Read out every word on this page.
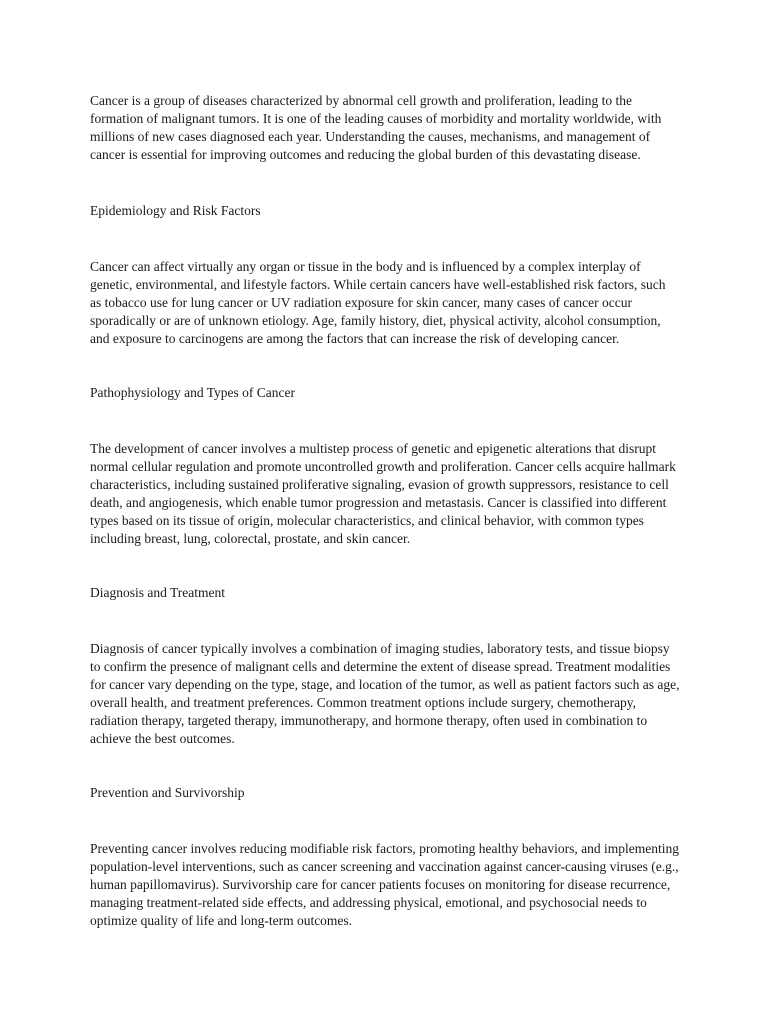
Cancer is a group of diseases characterized by abnormal cell growth and proliferation, leading to the formation of malignant tumors. It is one of the leading causes of morbidity and mortality worldwide, with millions of new cases diagnosed each year. Understanding the causes, mechanisms, and management of cancer is essential for improving outcomes and reducing the global burden of this devastating disease.

Epidemiology and Risk Factors

Cancer can affect virtually any organ or tissue in the body and is influenced by a complex interplay of genetic, environmental, and lifestyle factors. While certain cancers have well-established risk factors, such as tobacco use for lung cancer or UV radiation exposure for skin cancer, many cases of cancer occur sporadically or are of unknown etiology. Age, family history, diet, physical activity, alcohol consumption, and exposure to carcinogens are among the factors that can increase the risk of developing cancer.

Pathophysiology and Types of Cancer

The development of cancer involves a multistep process of genetic and epigenetic alterations that disrupt normal cellular regulation and promote uncontrolled growth and proliferation. Cancer cells acquire hallmark characteristics, including sustained proliferative signaling, evasion of growth suppressors, resistance to cell death, and angiogenesis, which enable tumor progression and metastasis. Cancer is classified into different types based on its tissue of origin, molecular characteristics, and clinical behavior, with common types including breast, lung, colorectal, prostate, and skin cancer.

Diagnosis and Treatment

Diagnosis of cancer typically involves a combination of imaging studies, laboratory tests, and tissue biopsy to confirm the presence of malignant cells and determine the extent of disease spread. Treatment modalities for cancer vary depending on the type, stage, and location of the tumor, as well as patient factors such as age, overall health, and treatment preferences. Common treatment options include surgery, chemotherapy, radiation therapy, targeted therapy, immunotherapy, and hormone therapy, often used in combination to achieve the best outcomes.

Prevention and Survivorship

Preventing cancer involves reducing modifiable risk factors, promoting healthy behaviors, and implementing population-level interventions, such as cancer screening and vaccination against cancer-causing viruses (e.g., human papillomavirus). Survivorship care for cancer patients focuses on monitoring for disease recurrence, managing treatment-related side effects, and addressing physical, emotional, and psychosocial needs to optimize quality of life and long-term outcomes.
